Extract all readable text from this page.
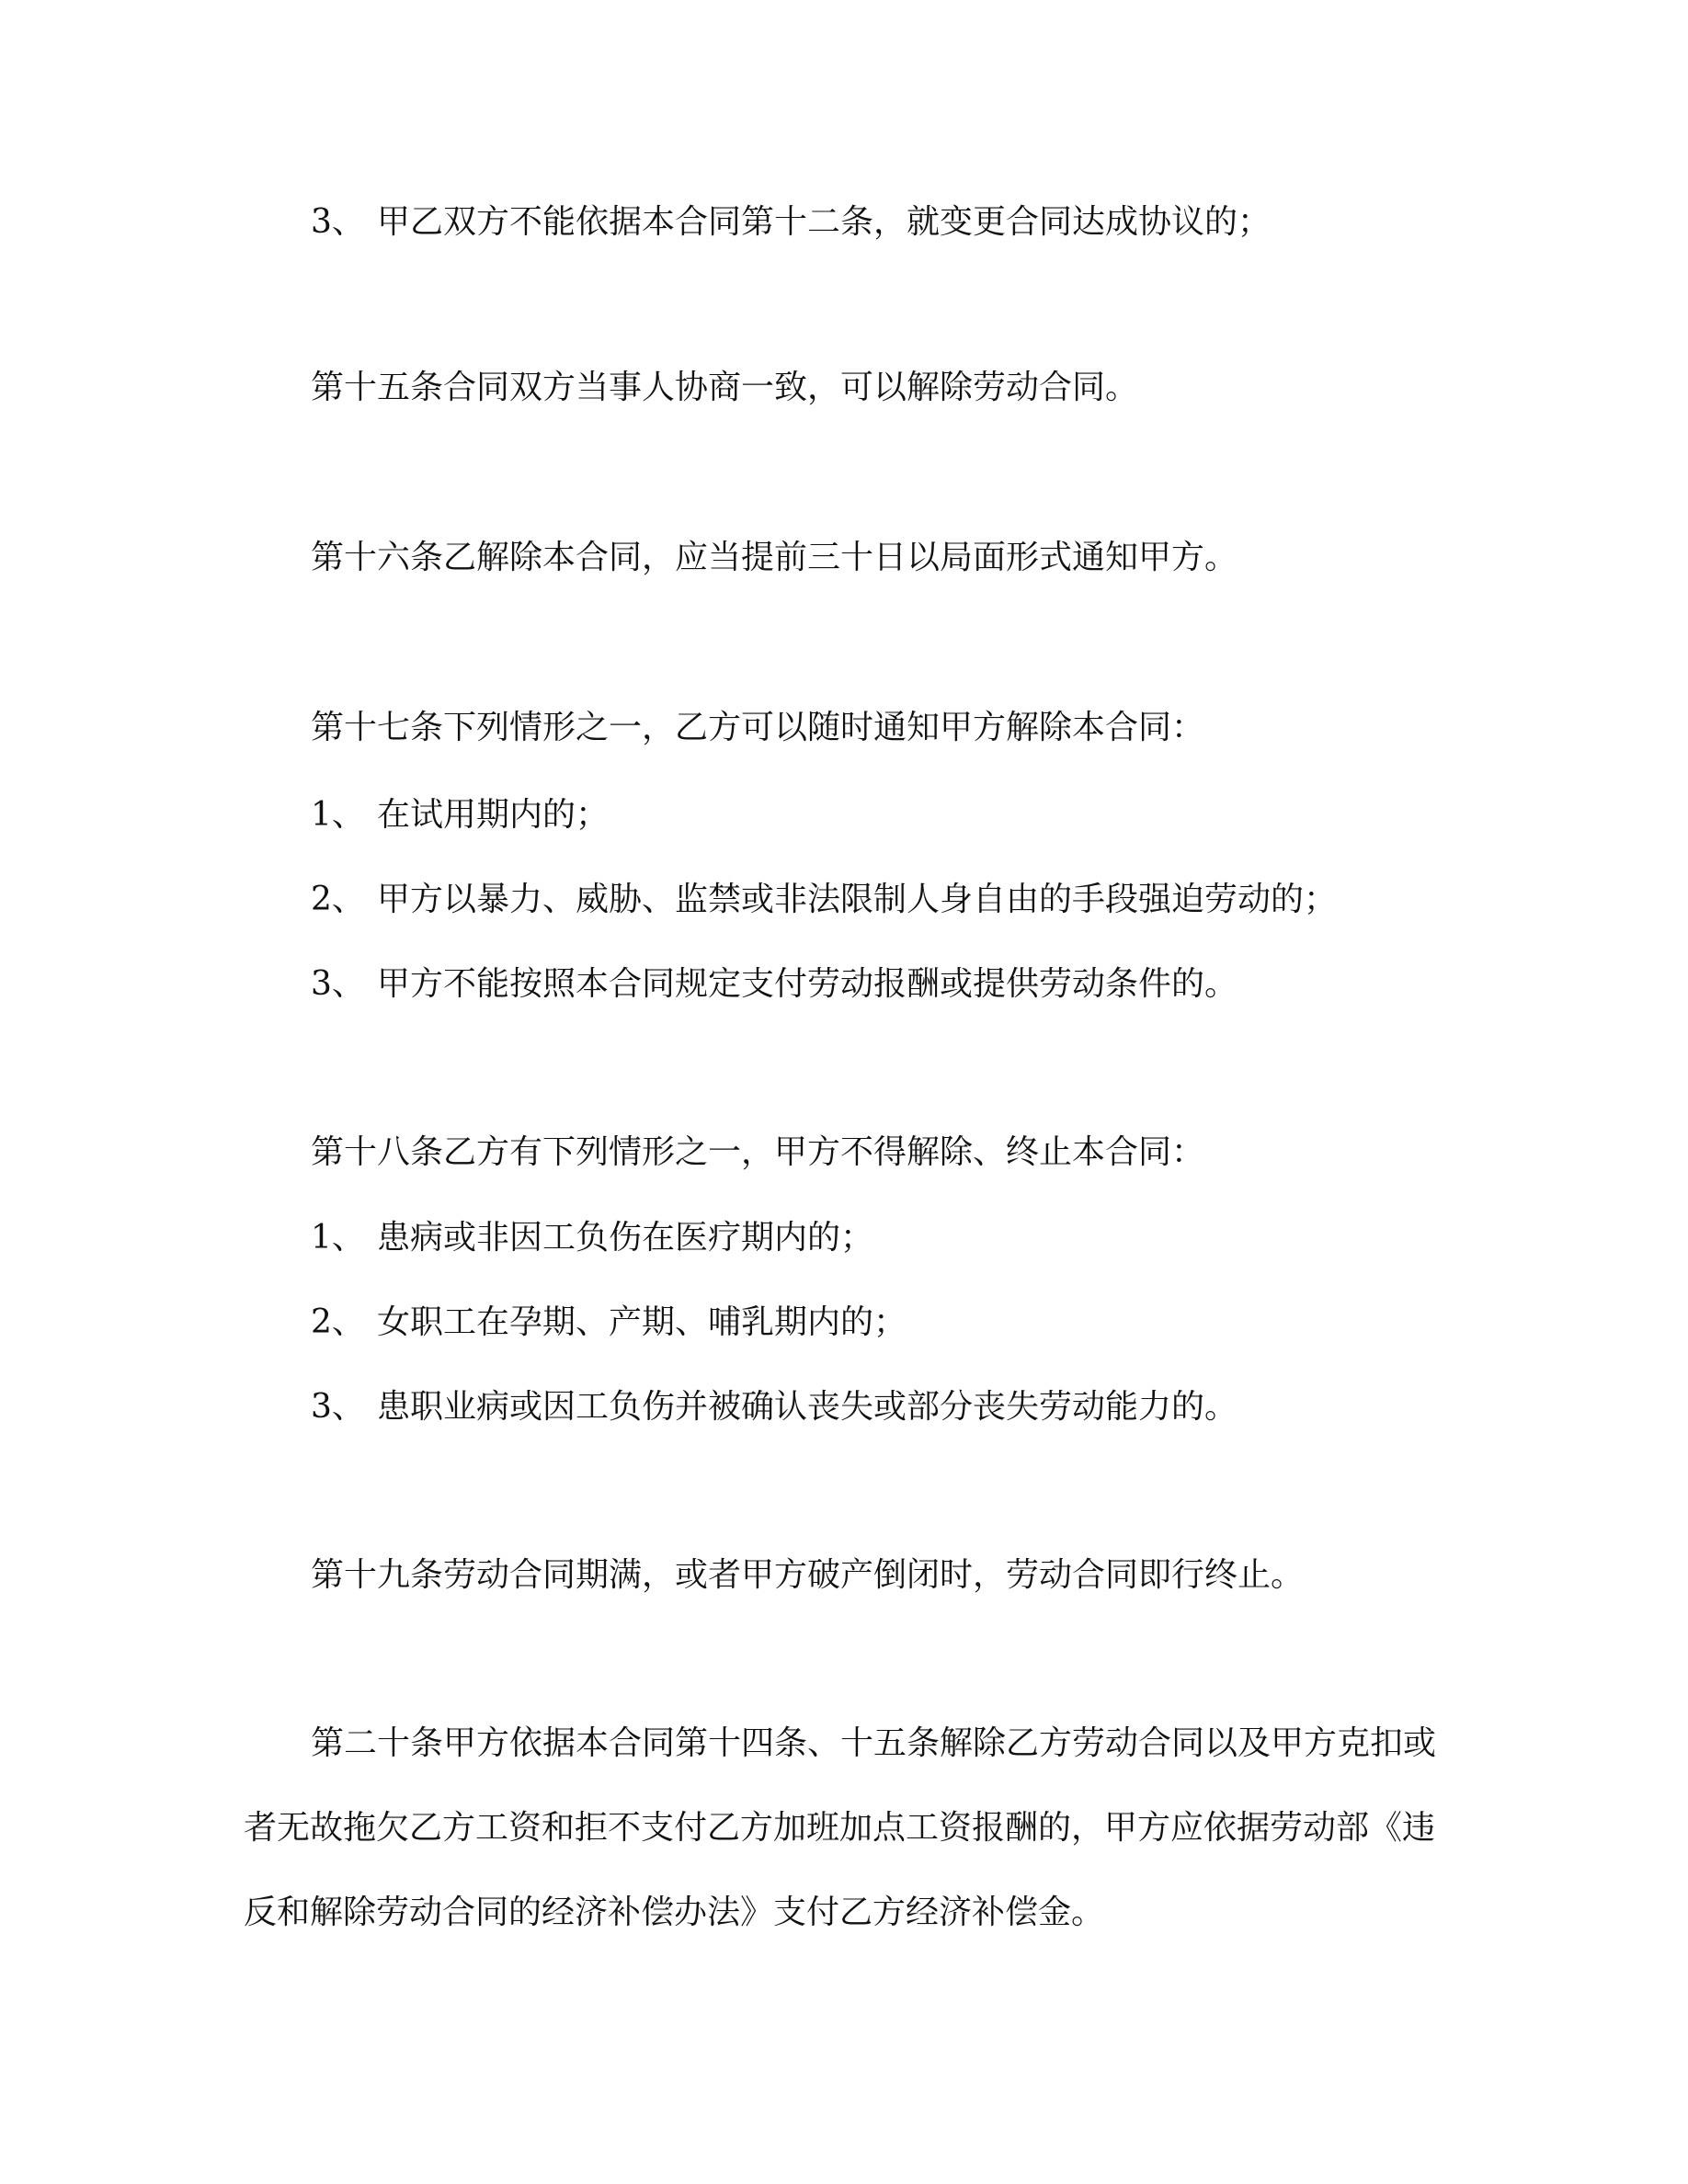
3、 甲乙双方不能依据本合同第十二条，就变更合同达成协议的；

第十五条合同双方当事人协商一致，可以解除劳动合同。

第十六条乙解除本合同，应当提前三十日以局面形式通知甲方。

第十七条下列情形之一，乙方可以随时通知甲方解除本合同：

1、 在试用期内的；

2、 甲方以暴力、威胁、监禁或非法限制人身自由的手段强迫劳动的；

3、 甲方不能按照本合同规定支付劳动报酬或提供劳动条件的。

第十八条乙方有下列情形之一，甲方不得解除、终止本合同：

1、 患病或非因工负伤在医疗期内的；

2、 女职工在孕期、产期、哺乳期内的；

3、 患职业病或因工负伤并被确认丧失或部分丧失劳动能力的。

第十九条劳动合同期满，或者甲方破产倒闭时，劳动合同即行终止。

第二十条甲方依据本合同第十四条、十五条解除乙方劳动合同以及甲方克扣或

者无故拖欠乙方工资和拒不支付乙方加班加点工资报酬的，甲方应依据劳动部《违

反和解除劳动合同的经济补偿办法》支付乙方经济补偿金。
